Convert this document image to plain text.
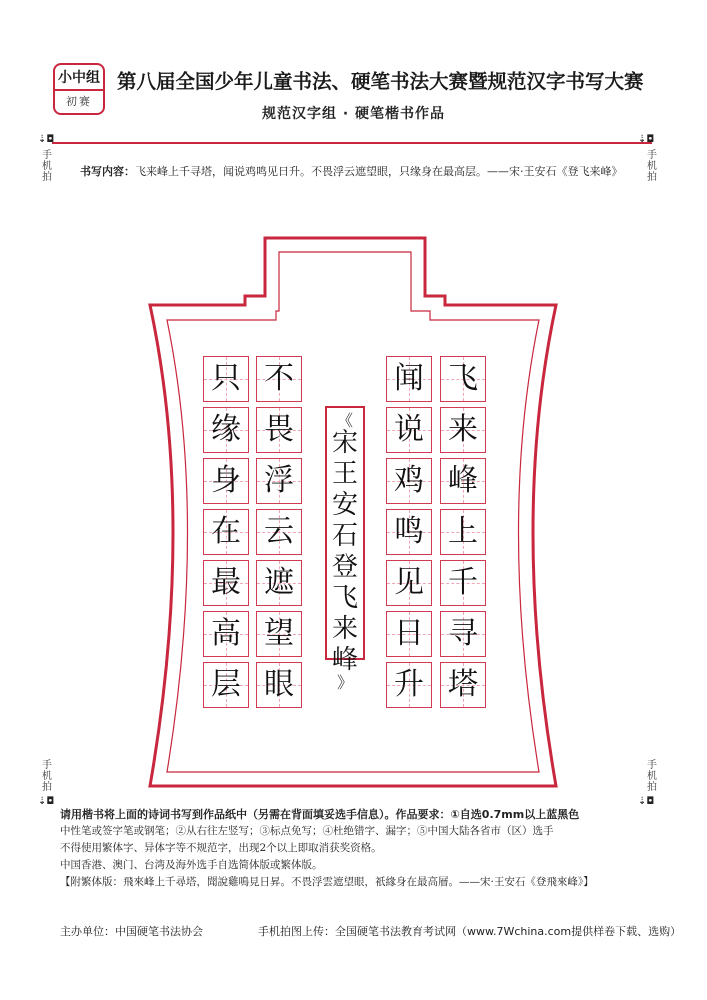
小中组
初赛
第八届全国少年儿童书法、硬笔书法大赛暨规范汉字书写大赛
规范汉字组 · 硬笔楷书作品
⇣◘
手机拍
⇣◘
手机拍
手机拍
⇣◘
手机拍
⇣◘
书写内容：飞来峰上千寻塔，闻说鸡鸣见日升。不畏浮云遮望眼，只缘身在最高层。——宋·王安石《登飞来峰》
飞
来
峰
上
千
寻
塔
闻
说
鸡
鸣
见
日
升
不
畏
浮
云
遮
望
眼
只
缘
身
在
最
高
层
《
宋
王
安
石
登
飞
来
峰
》
请用楷书将上面的诗词书写到作品纸中（另需在背面填妥选手信息）。作品要求：①自选0.7mm以上蓝黑色
中性笔或签字笔或钢笔；②从右往左竖写；③标点免写；④杜绝错字、漏字；⑤中国大陆各省市（区）选手
不得使用繁体字、异体字等不规范字，出现2个以上即取消获奖资格。
中国香港、澳门、台湾及海外选手自选简体版或繁体版。
【附繁体版：飛來峰上千尋塔，聞說雞鳴見日昇。不畏浮雲遮望眼，祇緣身在最高層。——宋·王安石《登飛來峰》】
主办单位：中国硬笔书法协会	手机拍图上传：全国硬笔书法教育考试网（www.7Wchina.com提供样卷下载、选购）
